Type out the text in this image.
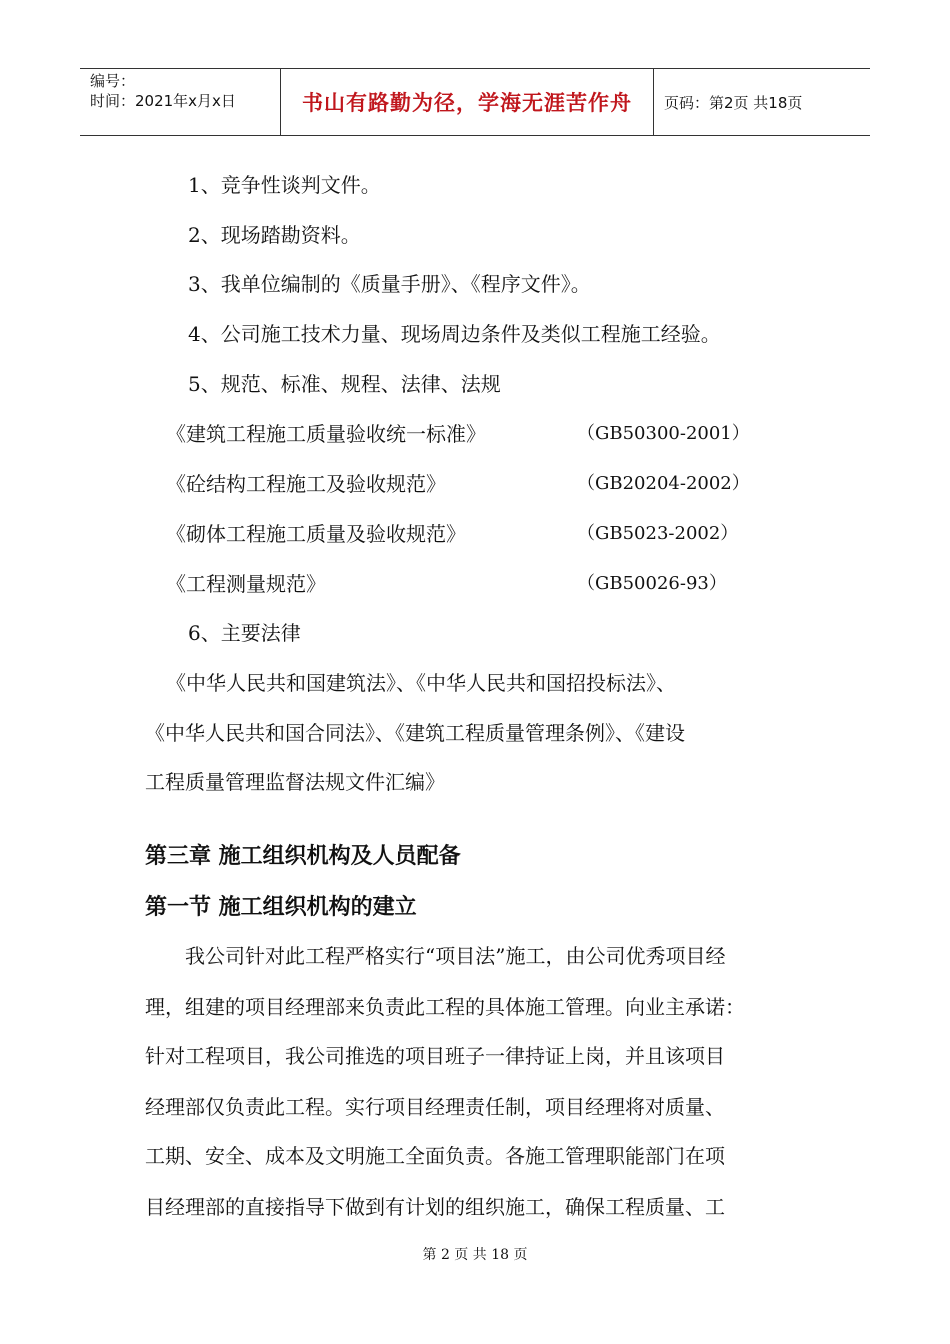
编号：
时间：2021年x月x日	书山有路勤为径，学海无涯苦作舟 页码：第2页 共18页
1、竞争性谈判文件。
2、现场踏勘资料。
3、我单位编制的《质量手册》、《程序文件》。
4、公司施工技术力量、现场周边条件及类似工程施工经验。
5、规范、标准、规程、法律、法规
《建筑工程施工质量验收统一标准》	（GB50300-2001）
《砼结构工程施工及验收规范》	（GB20204-2002）
《砌体工程施工质量及验收规范》	（GB5023-2002）
《工程测量规范》	（GB50026-93）
6、主要法律
《中华人民共和国建筑法》、《中华人民共和国招投标法》、
《中华人民共和国合同法》、《建筑工程质量管理条例》、《建设
工程质量管理监督法规文件汇编》
第三章 施工组织机构及人员配备
第一节 施工组织机构的建立
　　我公司针对此工程严格实行“项目法”施工，由公司优秀项目经
理，组建的项目经理部来负责此工程的具体施工管理。向业主承诺：
针对工程项目，我公司推选的项目班子一律持证上岗，并且该项目
经理部仅负责此工程。实行项目经理责任制，项目经理将对质量、
工期、安全、成本及文明施工全面负责。各施工管理职能部门在项
目经理部的直接指导下做到有计划的组织施工，确保工程质量、工
第 2 页 共 18 页
